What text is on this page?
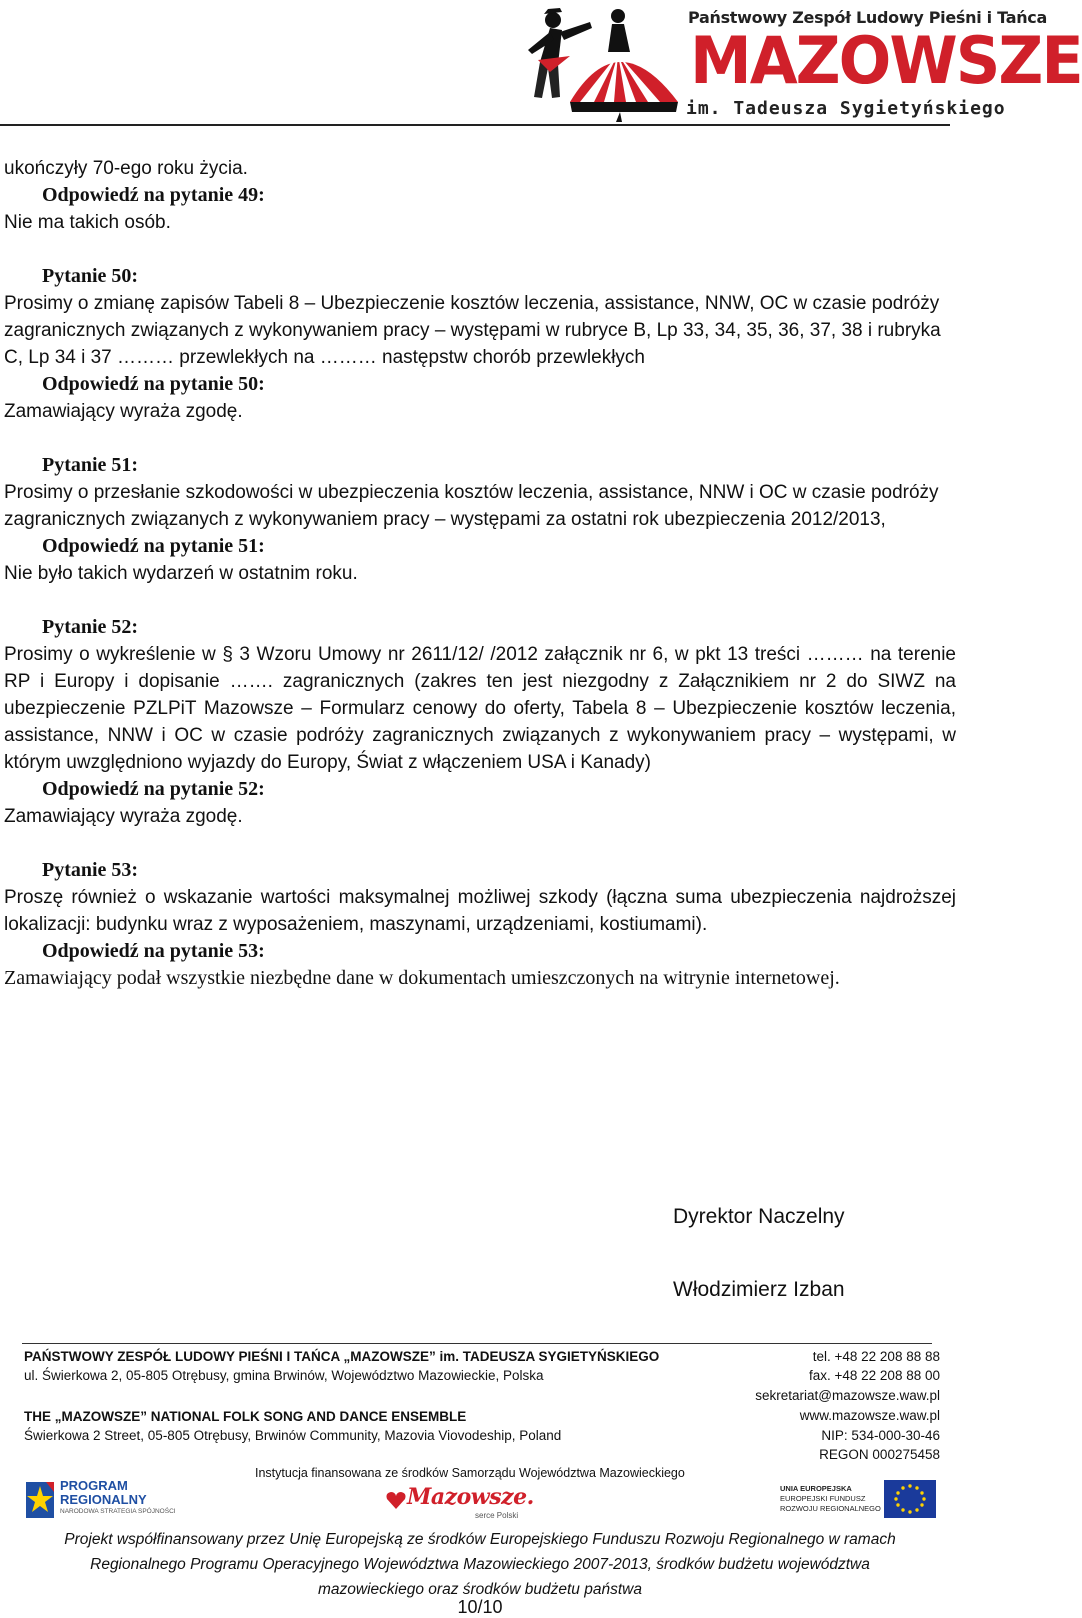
Państwowy Zespół Ludowy Pieśni i Tańca
MAZOWSZE
im. Tadeusza Sygietyńskiego

ukończyły 70-ego roku życia.

Odpowiedź na pytanie 49:

Nie ma takich osób.

Pytanie 50:

Prosimy o zmianę zapisów Tabeli 8 – Ubezpieczenie kosztów leczenia, assistance, NNW, OC w czasie podróży zagranicznych związanych z wykonywaniem pracy – występami w rubryce B, Lp 33, 34, 35, 36, 37, 38 i rubryka C, Lp 34 i 37 ……… przewlekłych na ……… następstw chorób przewlekłych

Odpowiedź na pytanie 50:

Zamawiający wyraża zgodę.

Pytanie 51:

Prosimy o przesłanie szkodowości w ubezpieczenia kosztów leczenia, assistance, NNW i OC w czasie podróży zagranicznych związanych z wykonywaniem pracy – występami za ostatni rok ubezpieczenia 2012/2013,

Odpowiedź na pytanie 51:

Nie było takich wydarzeń w ostatnim roku.

Pytanie 52:

Prosimy o wykreślenie w § 3 Wzoru Umowy nr 2611/12/ /2012 załącznik nr 6, w pkt 13 treści ……… na terenie RP i Europy i dopisanie ……. zagranicznych (zakres ten jest niezgodny z Załącznikiem nr 2 do SIWZ na ubezpieczenie PZLPiT Mazowsze – Formularz cenowy do oferty, Tabela 8 – Ubezpieczenie kosztów leczenia, assistance, NNW i OC w czasie podróży zagranicznych związanych z wykonywaniem pracy – występami, w którym uwzględniono wyjazdy do Europy, Świat z włączeniem USA i Kanady)

Odpowiedź na pytanie 52:

Zamawiający wyraża zgodę.

Pytanie 53:

Proszę również o wskazanie wartości maksymalnej możliwej szkody (łączna suma ubezpieczenia najdroższej lokalizacji: budynku wraz z wyposażeniem, maszynami, urządzeniami, kostiumami).

Odpowiedź na pytanie 53:

Zamawiający podał wszystkie niezbędne dane w dokumentach umieszczonych na witrynie internetowej.

Dyrektor Naczelny
Włodzimierz Izban
PAŃSTWOWY ZESPÓŁ LUDOWY PIEŚNI I TAŃCA „MAZOWSZE” im. TADEUSZA SYGIETYŃSKIEGO
ul. Świerkowa 2, 05-805 Otrębusy, gmina Brwinów, Województwo Mazowieckie, Polska
THE „MAZOWSZE” NATIONAL FOLK SONG AND DANCE ENSEMBLE
Świerkowa 2 Street, 05-805 Otrębusy, Brwinów Community, Mazovia Viovodeship, Poland
tel. +48 22 208 88 88
fax. +48 22 208 88 00
sekretariat@mazowsze.waw.pl
www.mazowsze.waw.pl
NIP: 534-000-30-46
REGON 000275458
Instytucja finansowana ze środków Samorządu Województwa Mazowieckiego
PROGRAM
REGIONALNY
NARODOWA STRATEGIA SPÓJNOŚCI
Mazowsze.
serce Polski
UNIA EUROPEJSKA
EUROPEJSKI FUNDUSZ
ROZWOJU REGIONALNEGO
Projekt współfinansowany przez Unię Europejską ze środków Europejskiego Funduszu Rozwoju Regionalnego w ramach
Regionalnego Programu Operacyjnego Województwa Mazowieckiego 2007-2013, środków budżetu województwa
mazowieckiego oraz środków budżetu państwa
10/10
